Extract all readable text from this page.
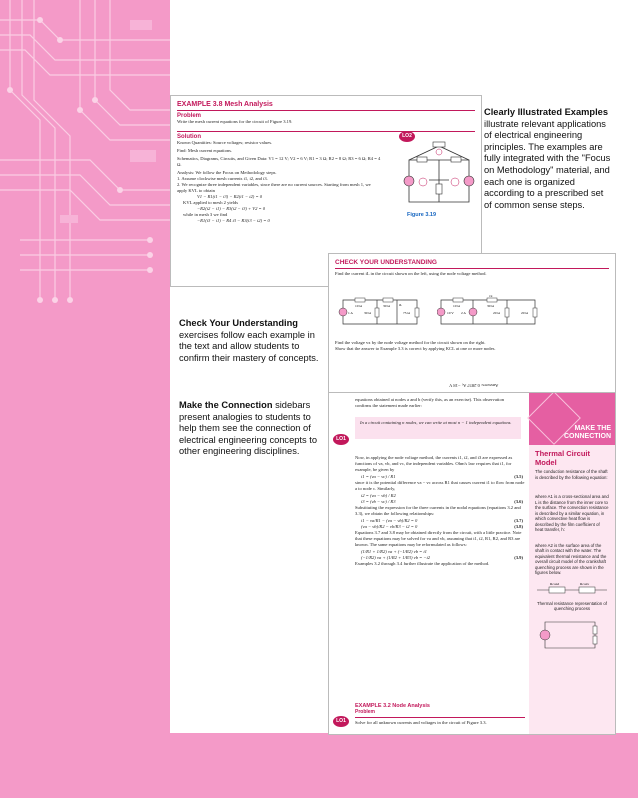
EXAMPLE 3.8 Mesh Analysis
Problem
Write the mesh current equations for the circuit of Figure 3.19.
Solution
Known Quantities: Source voltages; resistor values.
Find: Mesh current equations.
Schematics, Diagrams, Circuits, and Given Data: V1 = 12 V; V2 = 6 V; R1 = 3 Ω; R2 = 8 Ω; R3 = 6 Ω; R4 = 4 Ω.
Analysis: We follow the Focus on Methodology steps.
1. Assume clockwise mesh currents i1, i2, and i3.
2. We recognize three independent variables, since there are no current sources. Starting from mesh 1, we apply KVL to obtain
V1 − R1(i1 − i3) − R2(i1 − i2) = 0
KVL applied to mesh 2 yields
−R2(i2 − i1) − R3(i2 − i3) + V2 = 0
while in mesh 3 we find
−R1(i3 − i1) − R4 i3 − R3(i3 − i2) = 0
LO2
Figure 3.19
Clearly Illustrated Examples
illustrate relevant applications of electrical engineering principles. The examples are fully integrated with the "Focus on Methodology" material, and each one is organized according to a prescribed set of common sense steps.
CHECK YOUR UNDERSTANDING
Find the current iL in the circuit shown on the left, using the node voltage method.
10 Ω	30 Ω
1 A	30 Ω	75 Ω
iL	10 Ω	30 Ω
10 V 2 A	20 Ω	20 Ω
vx
Find the voltage vx by the node voltage method for the circuit shown on the right.
Show that the answer to Example 3.3 is correct by applying KCL at one or more nodes.
Answers: 0.2857 A; −18 V
Check Your Understanding
exercises follow each example in the text and allow students to confirm their mastery of concepts.
Make the Connection sidebars present analogies to students to help them see the connection of electrical engineering concepts to other engineering disciplines.
equations obtained at nodes a and b (verify this, as an exercise). This observation confirms the statement made earlier:
In a circuit containing n nodes, we can write at most n − 1 independent equations.
LO1
Now, in applying the node voltage method, the currents i1, i2, and i3 are expressed as functions of va, vb, and vc, the independent variables. Ohm's law requires that i1, for example, be given by
i1 = (va − vc) / R1	(3.5)
since it is the potential difference va − vc across R1 that causes current i1 to flow from node a to node c. Similarly,
i2 = (va − vb) / R2
i3 = (vb − vc) / R3	(3.6)
Substituting the expression for the three currents in the nodal equations (equations 3.2 and 3.3), we obtain the following relationships:
i1 − va/R1 − (va − vb)/R2 = 0	(3.7)
(va − vb)/R2 − vb/R3 − i2 = 0	(3.8)
Equations 3.7 and 3.8 may be obtained directly from the circuit, with a little practice. Note that these equations may be solved for va and vb, assuming that i1, i2, R1, R2, and R3 are known. The same equations may be reformulated as follows:
(1/R1 + 1/R2) va + (−1/R2) vb = i1
(−1/R2) va + (1/R2 + 1/R3) vb = −i2	(3.9)
Examples 3.2 through 3.4 further illustrate the application of the method.
LO1
EXAMPLE 3.2 Node Analysis
Problem
Solve for all unknown currents and voltages in the circuit of Figure 3.3.
MAKE THE CONNECTION
Thermal Circuit Model
The conduction resistance of the shaft is described by the following equation:
where A1 is a cross-sectional area and L is the distance from the inner core to the surface. The convection resistance is described by a similar equation, in which convective heat flow is described by the film coefficient of heat transfer, h:
where A2 is the surface area of the shaft in contact with the water. The equivalent thermal resistance and the overall circuit model of the crankshaft quenching process are shown in the figures below.
Rcond	Rconv
Thermal resistance representation of quenching process
